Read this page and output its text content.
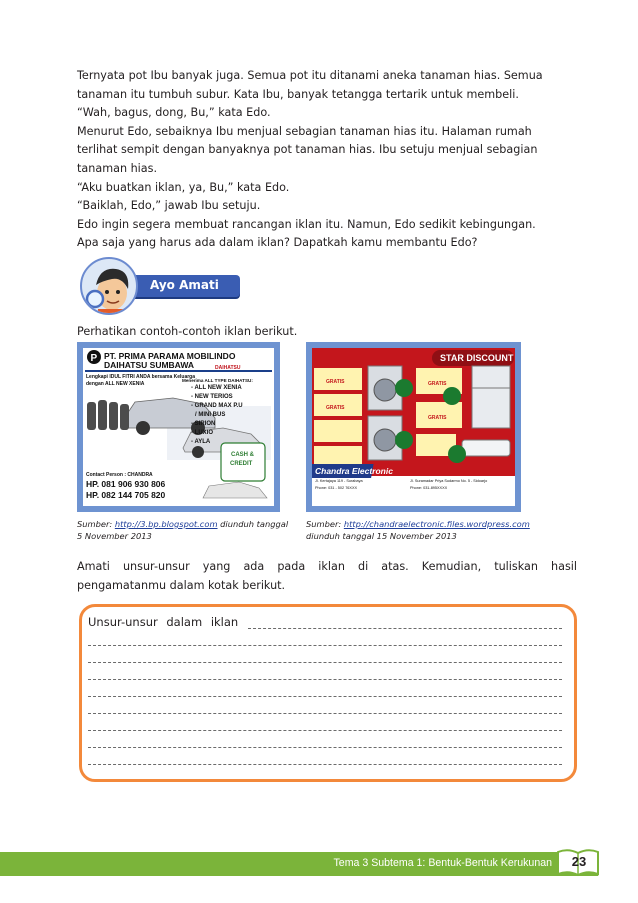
Ternyata pot Ibu banyak juga. Semua pot itu ditanami aneka tanaman hias. Semua
tanaman itu tumbuh subur. Kata Ibu, banyak tetangga tertarik untuk membeli.
“Wah, bagus, dong, Bu,” kata Edo.
Menurut Edo, sebaiknya Ibu menjual sebagian tanaman hias itu. Halaman rumah
terlihat sempit dengan banyaknya pot tanaman hias. Ibu setuju menjual sebagian
tanaman hias.
“Aku buatkan iklan, ya, Bu,” kata Edo.
“Baiklah, Edo,” jawab Ibu setuju.
Edo ingin segera membuat rancangan iklan itu. Namun, Edo sedikit kebingungan.
Apa saja yang harus ada dalam iklan? Dapatkah kamu membantu Edo?
Ayo Amati
Perhatikan contoh-contoh iklan berikut.
P PT. PRIMA PARAMA MOBILINDO
DAIHATSU SUMBAWA	DAIHATSU
Lengkapi IDUL FITRI ANDA bersama Keluarga
dengan ALL NEW XENIA
Menerima ALL TYPE DAIHATSU:
- ALL NEW XENIA
- NEW TERIOS
- GRAND MAX P.U
/ MINI BUS
- SIRION
- LUXIO
- AYLA
CASH &
CREDIT
Contact Person : CHANDRA
HP. 081 906 930 806
HP. 082 144 705 820
STAR DISCOUNT
GRATIS
GRATIS
GRATIS
GRATIS
Chandra Electronic
Jl. Kertajaya 119 - Surabaya
Phone: 031 - 502 76XXX
Jl. Suramadar Priya Sudarmo No. 5 - Sidoarjo
Phone: 031-895XXXX
Sumber: http://3.bp.blogspot.com diunduh tanggal
5 November 2013
Sumber: http://chandraelectronic.files.wordpress.com
diunduh tanggal 15 November 2013
Amati unsur-unsur yang ada pada iklan di atas. Kemudian, tuliskan hasil
pengamatanmu dalam kotak berikut.
Unsur-unsur dalam iklan
Tema 3 Subtema 1: Bentuk-Bentuk Kerukunan	23
